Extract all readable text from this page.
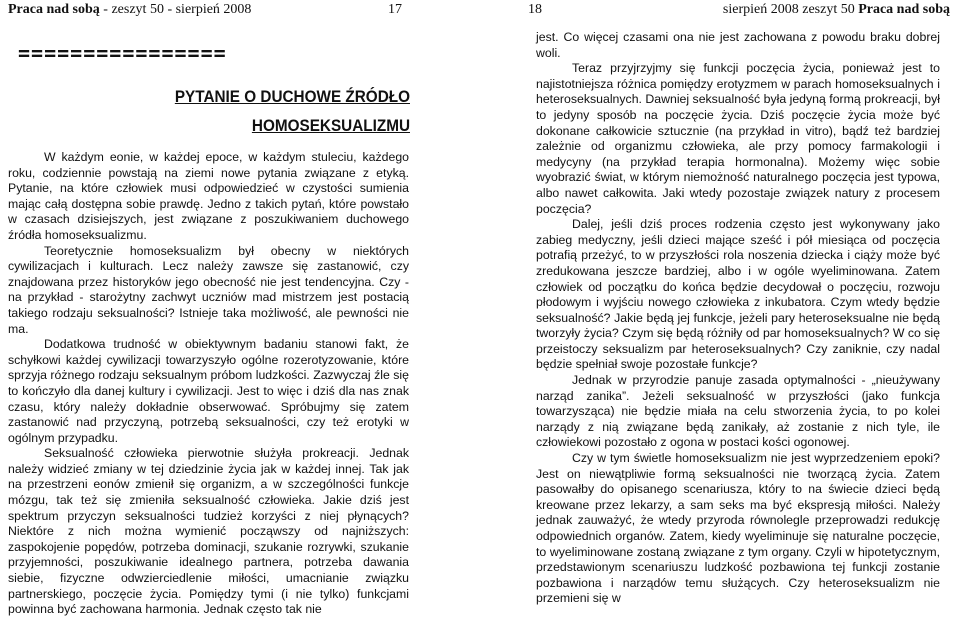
Praca nad sobą - zeszyt 50 - sierpień 2008	17
================
PYTANIE O DUCHOWE ŹRÓDŁO
HOMOSEKSUALIZMU

W każdym eonie, w każdej epoce, w każdym stuleciu, każdego roku, codziennie powstają na ziemi nowe pytania związane z etyką. Pytanie, na które człowiek musi odpowiedzieć w czystości sumienia mając całą dostępna sobie prawdę. Jedno z takich pytań, które powstało w czasach dzisiejszych, jest związane z poszukiwaniem duchowego źródła homoseksualizmu.

Teoretycznie homoseksualizm był obecny w niektórych cywilizacjach i kulturach. Lecz należy zawsze się zastanowić, czy znajdowana przez historyków jego obecność nie jest tendencyjna. Czy - na przykład - starożytny zachwyt uczniów mad mistrzem jest postacią takiego rodzaju seksualności? Istnieje taka możliwość, ale pewności nie ma.

Dodatkowa trudność w obiektywnym badaniu stanowi fakt, że schyłkowi każdej cywilizacji towarzyszyło ogólne rozerotyzowanie, które sprzyja różnego rodzaju seksualnym próbom ludzkości. Zazwyczaj źle się to kończyło dla danej kultury i cywilizacji. Jest to więc i dziś dla nas znak czasu, który należy dokładnie obserwować. Spróbujmy się zatem zastanowić nad przyczyną, potrzebą seksualności, czy też erotyki w ogólnym przypadku.

Seksualność człowieka pierwotnie służyła prokreacji. Jednak należy widzieć zmiany w tej dziedzinie życia jak w każdej innej. Tak jak na przestrzeni eonów zmienił się organizm, a w szczególności funkcje mózgu, tak też się zmieniła seksualność człowieka. Jakie dziś jest spektrum przyczyn seksualności tudzież korzyści z niej płynących? Niektóre z nich można wymienić począwszy od najniższych: zaspokojenie popędów, potrzeba dominacji, szukanie rozrywki, szukanie przyjemności, poszukiwanie idealnego partnera, potrzeba dawania siebie, fizyczne odwzierciedlenie miłości, umacnianie związku partnerskiego, poczęcie życia. Pomiędzy tymi (i nie tylko) funkcjami powinna być zachowana harmonia. Jednak często tak nie

18	sierpień 2008 zeszyt 50 Praca nad sobą

jest. Co więcej czasami ona nie jest zachowana z powodu braku dobrej woli.

Teraz przyjrzyjmy się funkcji poczęcia życia, ponieważ jest to najistotniejsza różnica pomiędzy erotyzmem w parach homoseksualnych i heteroseksualnych. Dawniej seksualność była jedyną formą prokreacji, był to jedyny sposób na poczęcie życia. Dziś poczęcie życia może być dokonane całkowicie sztucznie (na przykład in vitro), bądź też bardziej zależnie od organizmu człowieka, ale przy pomocy farmakologii i medycyny (na przykład terapia hormonalna). Możemy więc sobie wyobrazić świat, w którym niemożność naturalnego poczęcia jest typowa, albo nawet całkowita. Jaki wtedy pozostaje związek natury z procesem poczęcia?

Dalej, jeśli dziś proces rodzenia często jest wykonywany jako zabieg medyczny, jeśli dzieci mające sześć i pół miesiąca od poczęcia potrafią przeżyć, to w przyszłości rola noszenia dziecka i ciąży może być zredukowana jeszcze bardziej, albo i w ogóle wyeliminowana. Zatem człowiek od początku do końca będzie decydował o poczęciu, rozwoju płodowym i wyjściu nowego człowieka z inkubatora. Czym wtedy będzie seksualność? Jakie będą jej funkcje, jeżeli pary heteroseksualne nie będą tworzyły życia? Czym się będą różniły od par homoseksualnych? W co się przeistoczy seksualizm par heteroseksualnych? Czy zaniknie, czy nadal będzie spełniał swoje pozostałe funkcje?

Jednak w przyrodzie panuje zasada optymalności - „nieużywany narząd zanika”. Jeżeli seksualność w przyszłości (jako funkcja towarzysząca) nie będzie miała na celu stworzenia życia, to po kolei narządy z nią związane będą zanikały, aż zostanie z nich tyle, ile człowiekowi pozostało z ogona w postaci kości ogonowej.

Czy w tym świetle homoseksualizm nie jest wyprzedzeniem epoki? Jest on niewątpliwie formą seksualności nie tworzącą życia. Zatem pasowałby do opisanego scenariusza, który to na świecie dzieci będą kreowane przez lekarzy, a sam seks ma być ekspresją miłości. Należy jednak zauważyć, że wtedy przyroda równolegle przeprowadzi redukcję odpowiednich organów. Zatem, kiedy wyeliminuje się naturalne poczęcie, to wyeliminowane zostaną związane z tym organy. Czyli w hipotetycznym, przedstawionym scenariuszu ludzkość pozbawiona tej funkcji zostanie pozbawiona i narządów temu służących. Czy heteroseksualizm nie przemieni się w
